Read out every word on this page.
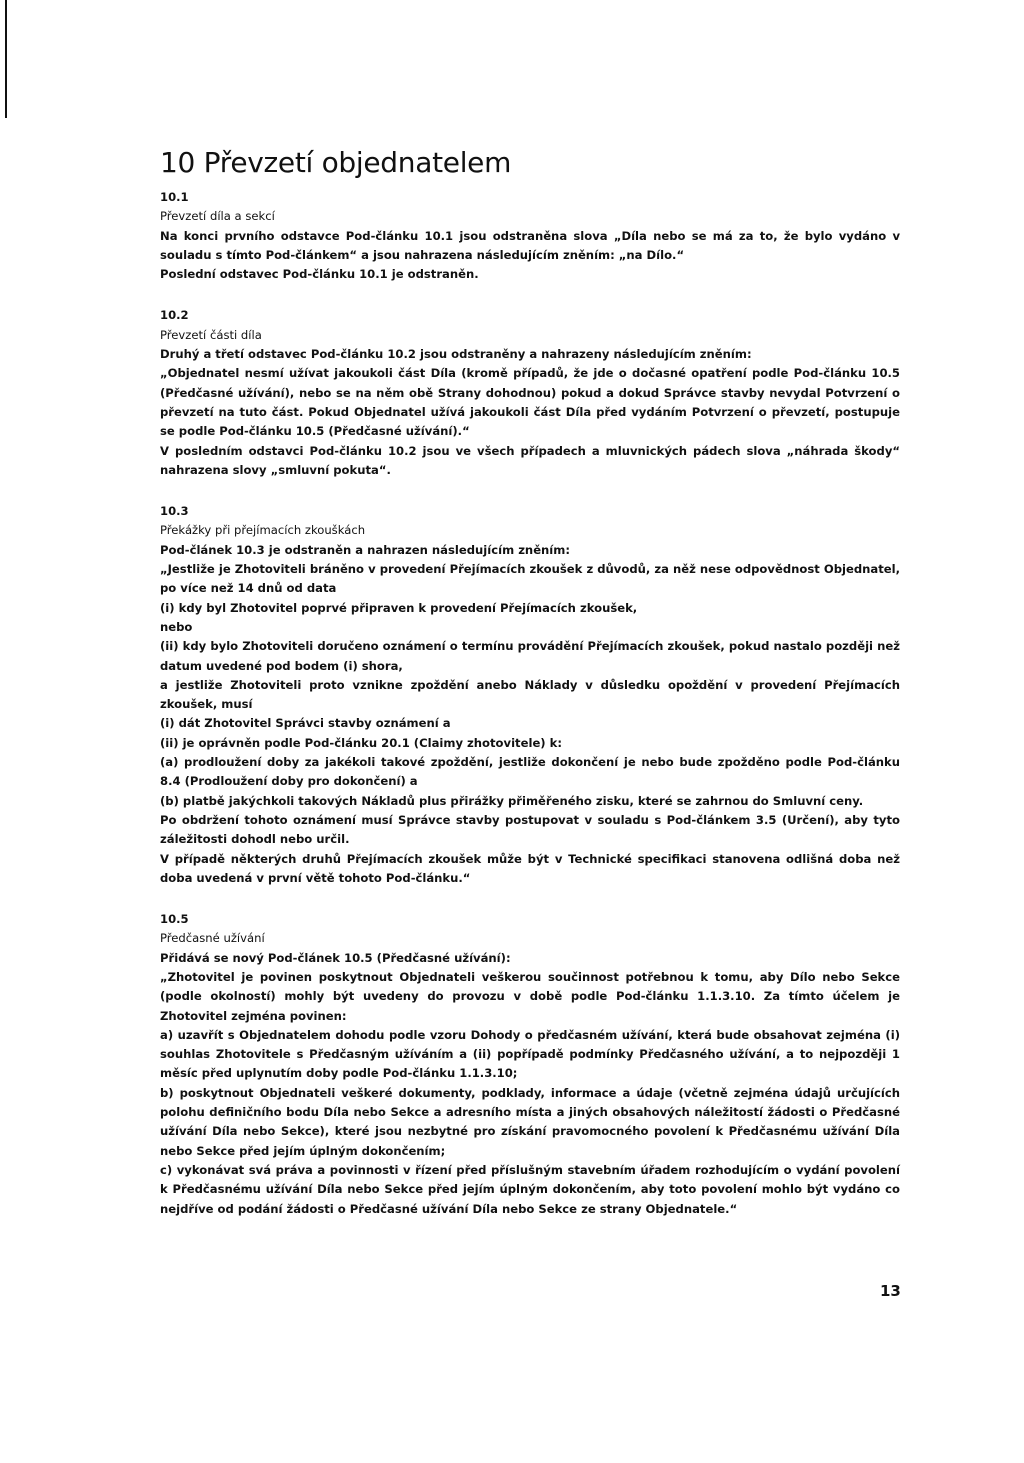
10 Převzetí objednatelem
10.1
Převzetí díla a sekcí

Na konci prvního odstavce Pod-článku 10.1 jsou odstraněna slova „Díla nebo se má za to, že bylo vydáno v souladu s tímto Pod-článkem“ a jsou nahrazena následujícím zněním: „na Dílo.“

Poslední odstavec Pod-článku 10.1 je odstraněn.

10.2
Převzetí části díla

Druhý a třetí odstavec Pod-článku 10.2 jsou odstraněny a nahrazeny následujícím zněním:

„Objednatel nesmí užívat jakoukoli část Díla (kromě případů, že jde o dočasné opatření podle Pod-článku 10.5 (Předčasné užívání), nebo se na něm obě Strany dohodnou) pokud a dokud Správce stavby nevydal Potvrzení o převzetí na tuto část. Pokud Objednatel užívá jakoukoli část Díla před vydáním Potvrzení o převzetí, postupuje se podle Pod-článku 10.5 (Předčasné užívání).“

V posledním odstavci Pod-článku 10.2 jsou ve všech případech a mluvnických pádech slova „náhrada škody“ nahrazena slovy „smluvní pokuta“.

10.3
Překážky při přejímacích zkouškách

Pod-článek 10.3 je odstraněn a nahrazen následujícím zněním:

„Jestliže je Zhotoviteli bráněno v provedení Přejímacích zkoušek z důvodů, za něž nese odpovědnost Objednatel, po více než 14 dnů od data

(i) kdy byl Zhotovitel poprvé připraven k provedení Přejímacích zkoušek,

nebo

(ii) kdy bylo Zhotoviteli doručeno oznámení o termínu provádění Přejímacích zkoušek, pokud nastalo později než datum uvedené pod bodem (i) shora,

a jestliže Zhotoviteli proto vznikne zpoždění anebo Náklady v důsledku opoždění v provedení Přejímacích zkoušek, musí

(i) dát Zhotovitel Správci stavby oznámení a

(ii) je oprávněn podle Pod-článku 20.1 (Claimy zhotovitele) k:

(a) prodloužení doby za jakékoli takové zpoždění, jestliže dokončení je nebo bude zpožděno podle Pod-článku 8.4 (Prodloužení doby pro dokončení) a

(b) platbě jakýchkoli takových Nákladů plus přirážky přiměřeného zisku, které se zahrnou do Smluvní ceny.

Po obdržení tohoto oznámení musí Správce stavby postupovat v souladu s Pod-článkem 3.5 (Určení), aby tyto záležitosti dohodl nebo určil.

V případě některých druhů Přejímacích zkoušek může být v Technické specifikaci stanovena odlišná doba než doba uvedená v první větě tohoto Pod-článku.“

10.5
Předčasné užívání

Přidává se nový Pod-článek 10.5 (Předčasné užívání):

„Zhotovitel je povinen poskytnout Objednateli veškerou součinnost potřebnou k tomu, aby Dílo nebo Sekce (podle okolností) mohly být uvedeny do provozu v době podle Pod-článku 1.1.3.10. Za tímto účelem je Zhotovitel zejména povinen:

a) uzavřít s Objednatelem dohodu podle vzoru Dohody o předčasném užívání, která bude obsahovat zejména (i) souhlas Zhotovitele s Předčasným užíváním a (ii) popřípadě podmínky Předčasného užívání, a to nejpozději 1 měsíc před uplynutím doby podle Pod-článku 1.1.3.10;

b) poskytnout Objednateli veškeré dokumenty, podklady, informace a údaje (včetně zejména údajů určujících polohu definičního bodu Díla nebo Sekce a adresního místa a jiných obsahových náležitostí žádosti o Předčasné užívání Díla nebo Sekce), které jsou nezbytné pro získání pravomocného povolení k Předčasnému užívání Díla nebo Sekce před jejím úplným dokončením;

c) vykonávat svá práva a povinnosti v řízení před příslušným stavebním úřadem rozhodujícím o vydání povolení k Předčasnému užívání Díla nebo Sekce před jejím úplným dokončením, aby toto povolení mohlo být vydáno co nejdříve od podání žádosti o Předčasné užívání Díla nebo Sekce ze strany Objednatele.“

13
